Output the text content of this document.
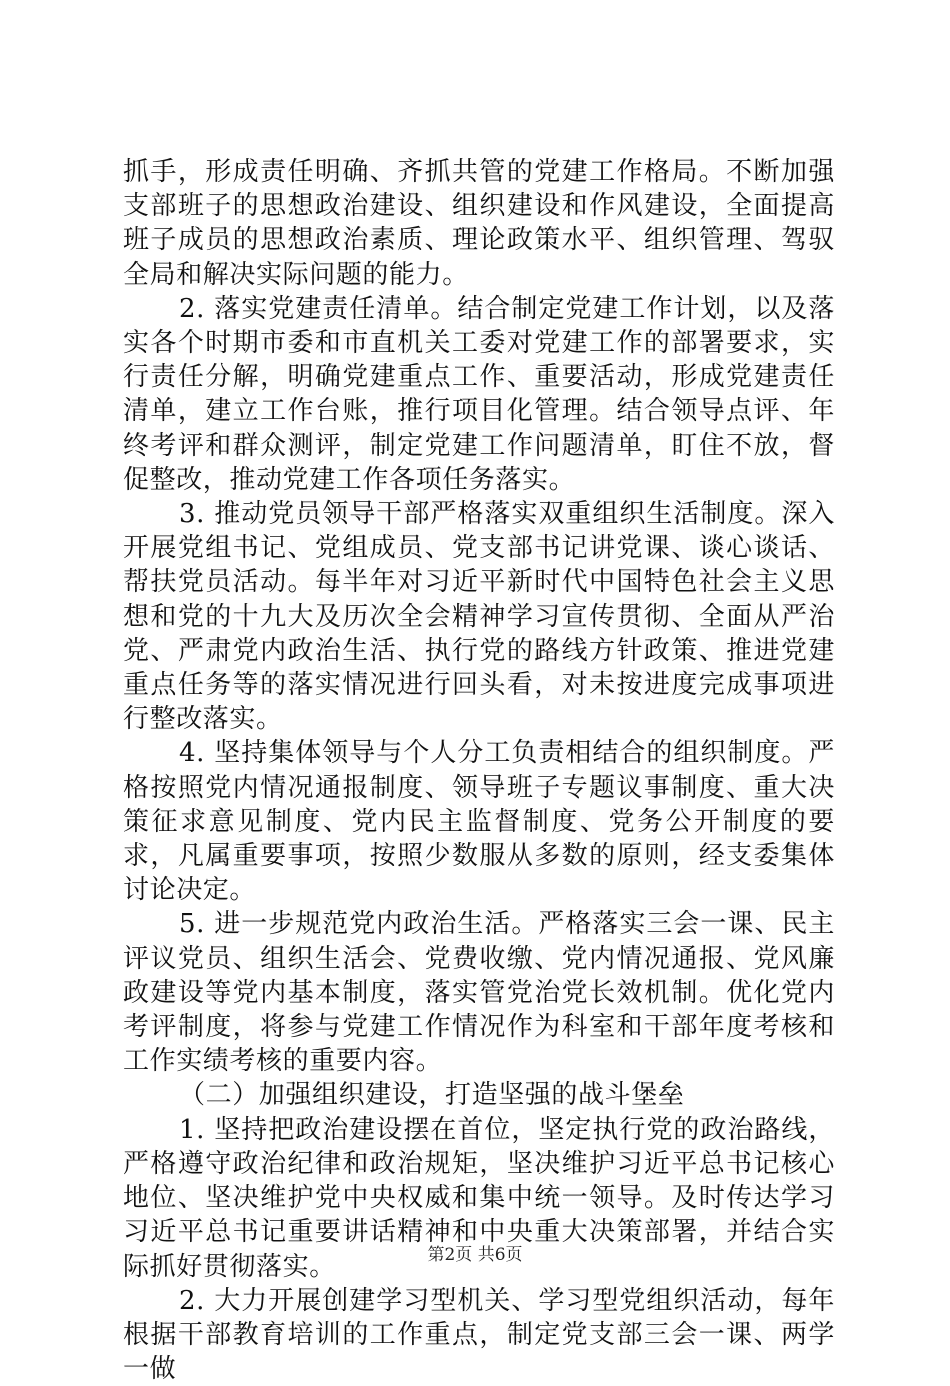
抓手，形成责任明确、齐抓共管的党建工作格局。不断加强支部班子的思想政治建设、组织建设和作风建设，全面提高班子成员的思想政治素质、理论政策水平、组织管理、驾驭全局和解决实际问题的能力。

2. 落实党建责任清单。结合制定党建工作计划，以及落实各个时期市委和市直机关工委对党建工作的部署要求，实行责任分解，明确党建重点工作、重要活动，形成党建责任清单，建立工作台账，推行项目化管理。结合领导点评、年终考评和群众测评，制定党建工作问题清单，盯住不放，督促整改，推动党建工作各项任务落实。

3. 推动党员领导干部严格落实双重组织生活制度。深入开展党组书记、党组成员、党支部书记讲党课、谈心谈话、帮扶党员活动。每半年对习近平新时代中国特色社会主义思想和党的十九大及历次全会精神学习宣传贯彻、全面从严治党、严肃党内政治生活、执行党的路线方针政策、推进党建重点任务等的落实情况进行回头看，对未按进度完成事项进行整改落实。

4. 坚持集体领导与个人分工负责相结合的组织制度。严格按照党内情况通报制度、领导班子专题议事制度、重大决策征求意见制度、党内民主监督制度、党务公开制度的要求，凡属重要事项，按照少数服从多数的原则，经支委集体讨论决定。

5. 进一步规范党内政治生活。严格落实三会一课、民主评议党员、组织生活会、党费收缴、党内情况通报、党风廉政建设等党内基本制度，落实管党治党长效机制。优化党内考评制度，将参与党建工作情况作为科室和干部年度考核和工作实绩考核的重要内容。

（二）加强组织建设，打造坚强的战斗堡垒

1. 坚持把政治建设摆在首位，坚定执行党的政治路线，严格遵守政治纪律和政治规矩，坚决维护习近平总书记核心地位、坚决维护党中央权威和集中统一领导。及时传达学习习近平总书记重要讲话精神和中央重大决策部署，并结合实际抓好贯彻落实。

2. 大力开展创建学习型机关、学习型党组织活动，每年根据干部教育培训的工作重点，制定党支部三会一课、两学一做

第2页 共6页
